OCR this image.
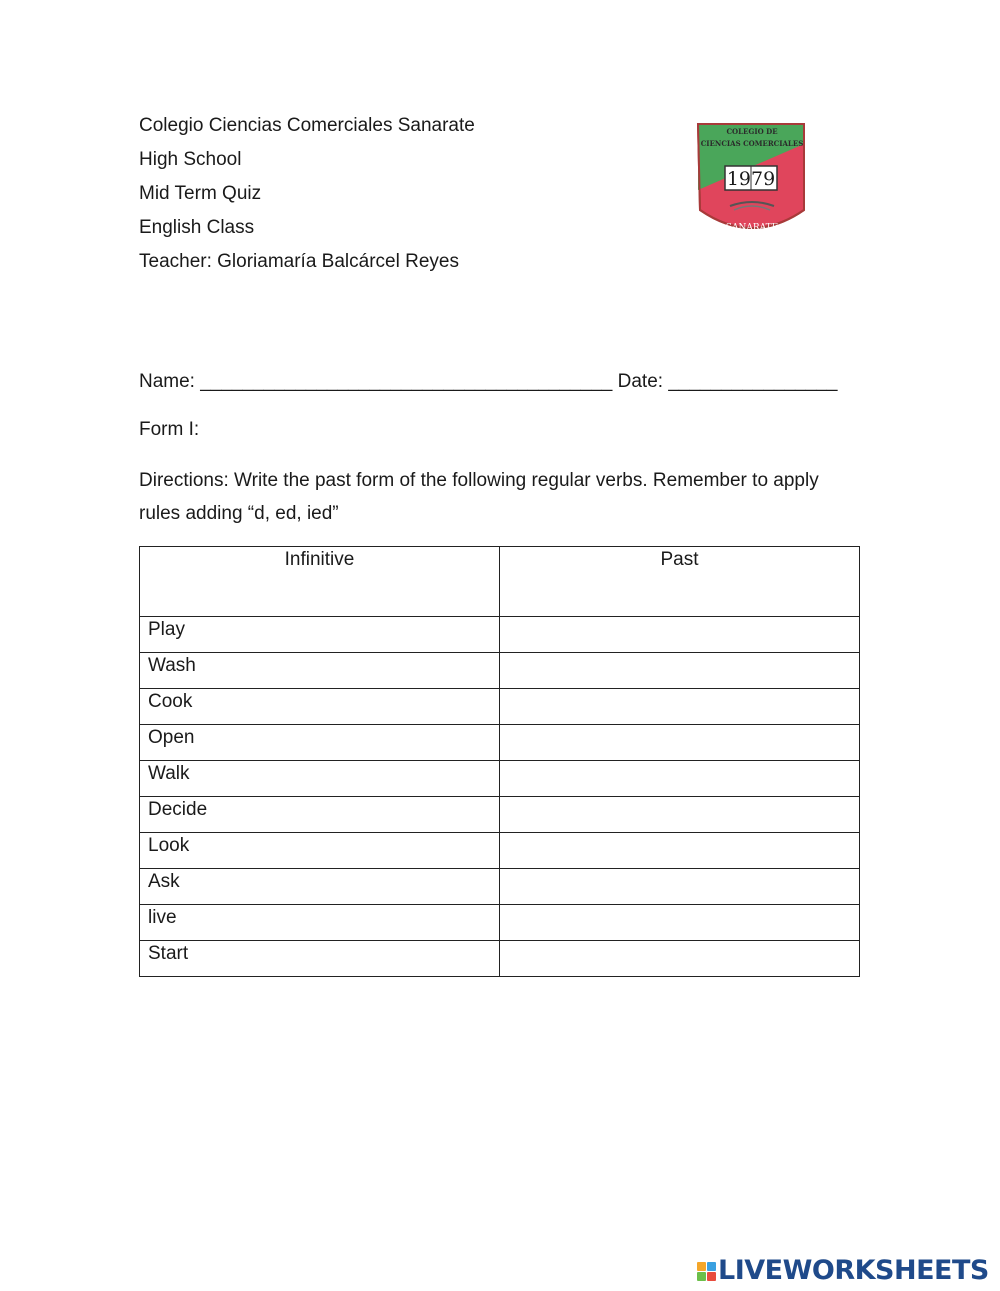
Colegio Ciencias Comerciales Sanarate
High School
Mid Term Quiz
English Class
Teacher: Gloriamaría Balcárcel Reyes
COLEGIO DE
CIENCIAS COMERCIALES
1979
SANARATE
Name: _______________________________________ Date: ________________
Form I:
Directions: Write the past form of the following regular verbs. Remember to apply rules adding “d, ed, ied”
Infinitive	Past
Play	
Wash	
Cook	
Open	
Walk	
Decide	
Look	
Ask	
live	
Start	
LIVEWORKSHEETS
